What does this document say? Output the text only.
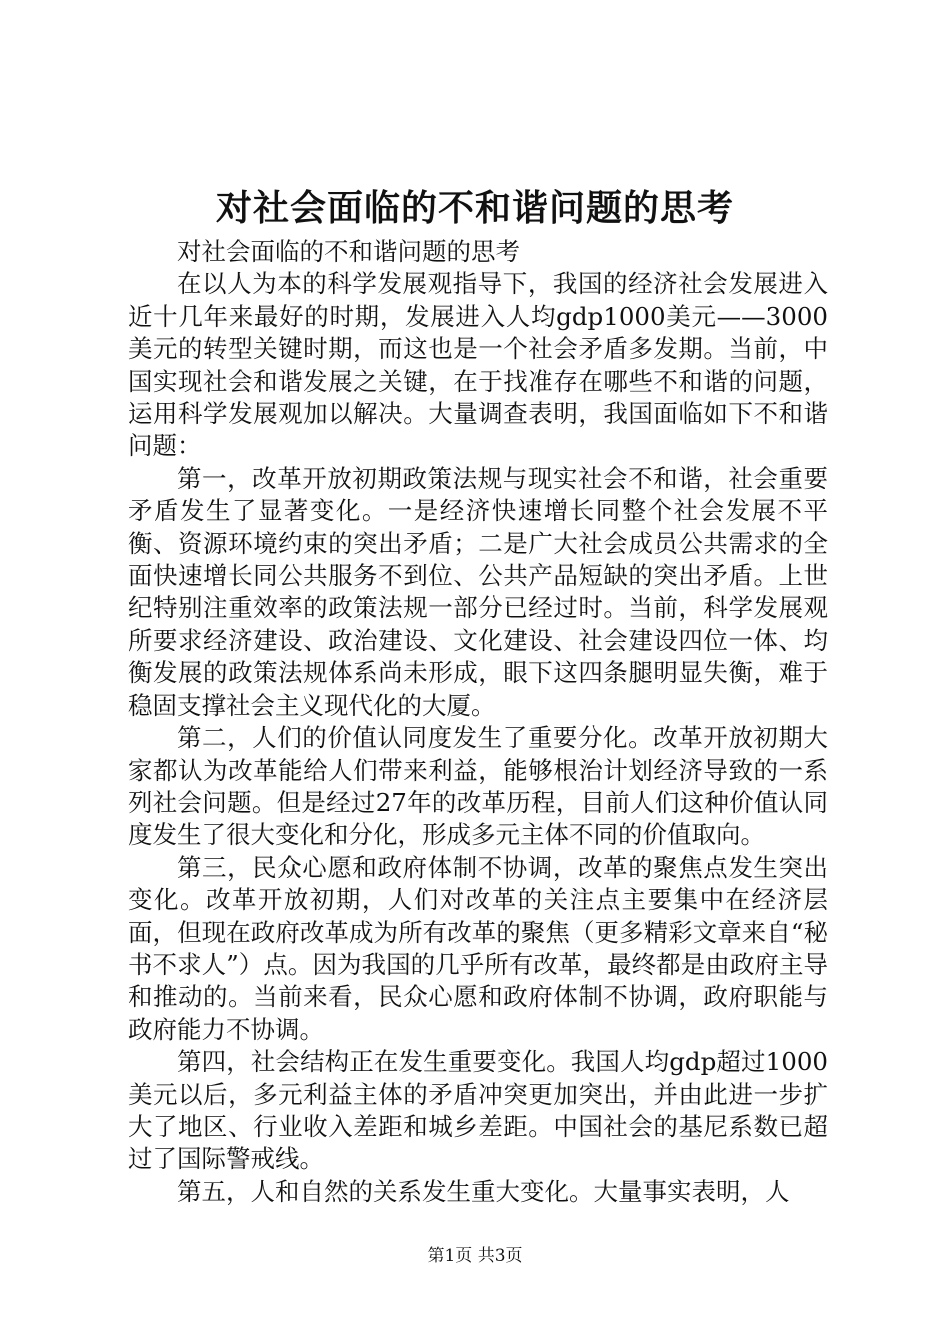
对社会面临的不和谐问题的思考

对社会面临的不和谐问题的思考

在以人为本的科学发展观指导下，我国的经济社会发展进入近十几年来最好的时期，发展进入人均gdp1000美元——3000美元的转型关键时期，而这也是一个社会矛盾多发期。当前，中国实现社会和谐发展之关键，在于找准存在哪些不和谐的问题，运用科学发展观加以解决。大量调查表明，我国面临如下不和谐问题：

第一，改革开放初期政策法规与现实社会不和谐，社会重要矛盾发生了显著变化。一是经济快速增长同整个社会发展不平衡、资源环境约束的突出矛盾；二是广大社会成员公共需求的全面快速增长同公共服务不到位、公共产品短缺的突出矛盾。上世纪特别注重效率的政策法规一部分已经过时。当前，科学发展观所要求经济建设、政治建设、文化建设、社会建设四位一体、均衡发展的政策法规体系尚未形成，眼下这四条腿明显失衡，难于稳固支撑社会主义现代化的大厦。

第二，人们的价值认同度发生了重要分化。改革开放初期大家都认为改革能给人们带来利益，能够根治计划经济导致的一系列社会问题。但是经过27年的改革历程，目前人们这种价值认同度发生了很大变化和分化，形成多元主体不同的价值取向。

第三，民众心愿和政府体制不协调，改革的聚焦点发生突出变化。改革开放初期，人们对改革的关注点主要集中在经济层面，但现在政府改革成为所有改革的聚焦（更多精彩文章来自“秘书不求人”）点。因为我国的几乎所有改革，最终都是由政府主导和推动的。当前来看，民众心愿和政府体制不协调，政府职能与政府能力不协调。

第四，社会结构正在发生重要变化。我国人均gdp超过1000美元以后，多元利益主体的矛盾冲突更加突出，并由此进一步扩大了地区、行业收入差距和城乡差距。中国社会的基尼系数已超过了国际警戒线。

第五，人和自然的关系发生重大变化。大量事实表明，人

第1页 共3页
